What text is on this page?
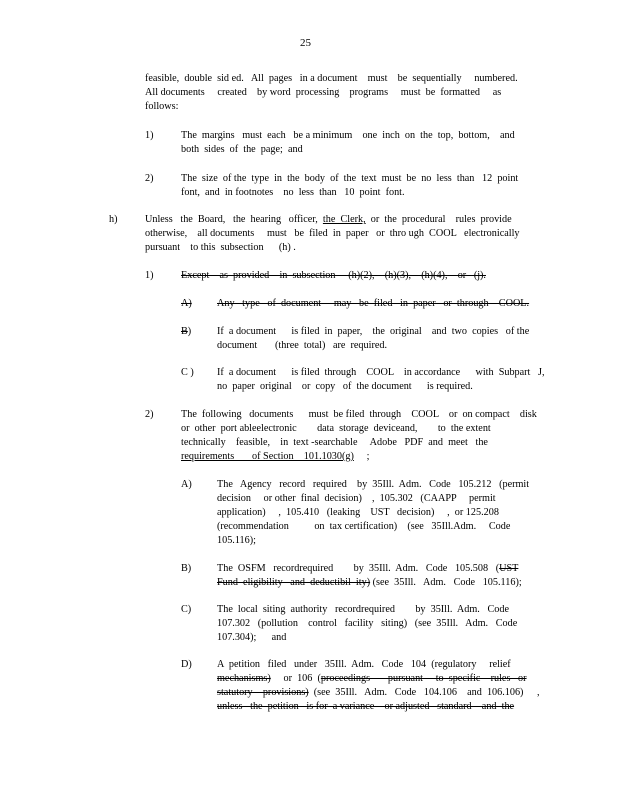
25
feasible,  double  sid ed.   All  pages   in a document    must    be  sequentially     numbered.
All documents     created    by word  processing    programs     must  be  formatted     as
follows:
1)	The  margins   must  each   be a minimum    one  inch  on  the  top,  bottom,    and
both  sides  of  the  page;  and
2)	The  size  of the  type  in  the  body  of  the  text  must  be  no  less  than   12  point
font,  and  in footnotes    no  less  than   10  point  font.
h)	Unless   the  Board,   the  hearing   officer,  the  Clerk,  or  the  procedural    rules  provide
otherwise,    all documents     must   be  filed  in  paper   or  thro ugh  COOL   electronically
pursuant    to this  subsection      (h) .
1)	Except    as  provided    in  subsection     (h)(2),    (h)(3),    (h)(4),    or   (j).
A) Any   type   of  document     may   be  filed   in  paper   or  through    COOL.
B)	If  a document      is filed  in  paper,    the  original    and  two  copies   of the
document       (three  total)   are  required.
C ) If  a document      is filed  through    COOL    in accordance      with  Subpart   J,
no  paper  original    or  copy   of  the document      is required.
2)	The  following   documents      must  be filed  through    COOL    or  on compact    disk
or  other  port ableelectronic        data  storage  deviceand,        to  the extent
technically    feasible,    in  text -searchable     Adobe   PDF  and  meet   the
requirements       of Section    101.1030(g)     ;
A) The   Agency   record   required    by  35Ill.  Adm.   Code   105.212   (permit
decision     or other  final  decision)    ,  105.302   (CAAPP     permit
application)     ,  105.410   (leaking    UST   decision)     ,  or 125.208
(recommendation          on  tax certification)    (see   35Ill.Adm.     Code
105.116);
B)	The  OSFM   recordrequired        by  35Ill.  Adm.   Code   105.508   (UST
Fund  eligibility   and  deductibil  ity) (see  35Ill.   Adm.   Code   105.116);
C)	The  local  siting  authority   recordrequired        by  35Ill.  Adm.   Code
107.302   (pollution    control   facility   siting)   (see  35Ill.   Adm.   Code
107.304);      and
D) A  petition   filed   under   35Ill.  Adm.   Code   104  (regulatory     relief
mechanisms)     or  106  (proceedings       pursuant     to  specific    rules   or
statutory    provisions)  (see  35Ill.   Adm.   Code   104.106    and  106.106) ,
unless   the  petition   is for  a variance    or adjusted   standard    and  the
